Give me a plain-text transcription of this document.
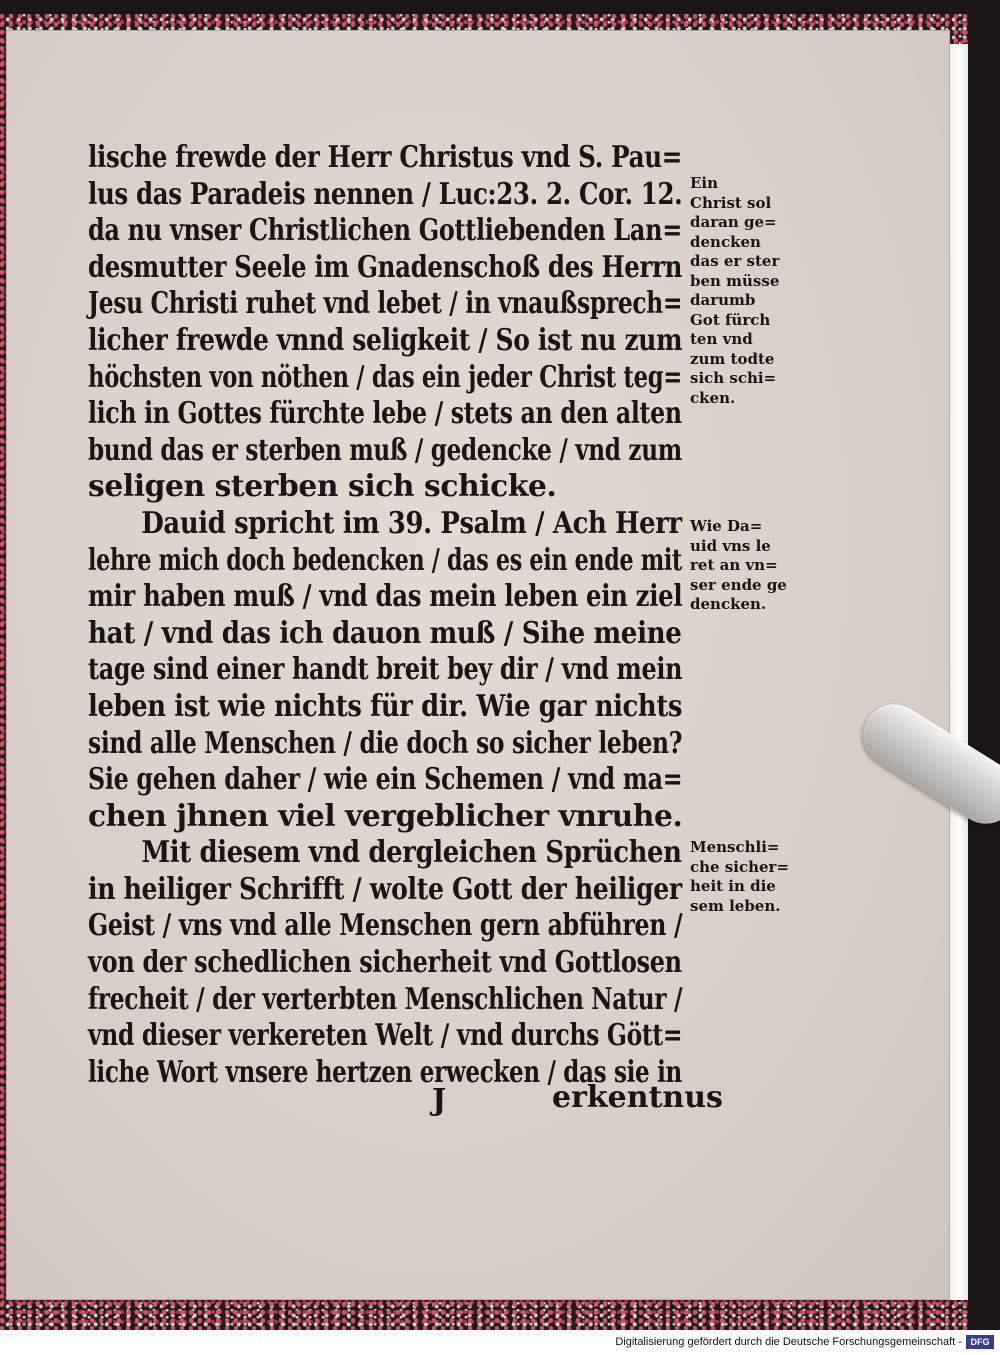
lische frewde der Herr Christus vnd S. Pau=
lus das Paradeis nennen / Luc:23. 2. Cor. 12.
da nu vnser Christlichen Gottliebenden Lan=
desmutter Seele im Gnadenschoß des Herrn
Jesu Christi ruhet vnd lebet / in vnaußsprech=
licher frewde vnnd seligkeit / So ist nu zum
höchsten von nöthen / das ein jeder Christ teg=
lich in Gottes fürchte lebe / stets an den alten
bund das er sterben muß / gedencke / vnd zum
seligen sterben sich schicke.
Dauid spricht im 39. Psalm / Ach Herr
lehre mich doch bedencken / das es ein ende mit
mir haben muß / vnd das mein leben ein ziel
hat / vnd das ich dauon muß / Sihe meine
tage sind einer handt breit bey dir / vnd mein
leben ist wie nichts für dir. Wie gar nichts
sind alle Menschen / die doch so sicher leben?
Sie gehen daher / wie ein Schemen / vnd ma=
chen jhnen viel vergeblicher vnruhe.
Mit diesem vnd dergleichen Sprüchen
in heiliger Schrifft / wolte Gott der heiliger
Geist / vns vnd alle Menschen gern abführen /
von der schedlichen sicherheit vnd Gottlosen
frecheit / der verterbten Menschlichen Natur /
vnd dieser verkereten Welt / vnd durchs Gött=
liche Wort vnsere hertzen erwecken / das sie in
Ein
Christ sol
daran ge=
dencken
das er ster
ben müsse
darumb
Got fürch
ten vnd
zum todte
sich schi=
cken.
Wie Da=
uid vns le
ret an vn=
ser ende ge
dencken.
Menschli=
che sicher=
heit in die
sem leben.
J	erkentnus
Digitalisierung gefördert durch die Deutsche Forschungsgemeinschaft - DFG
